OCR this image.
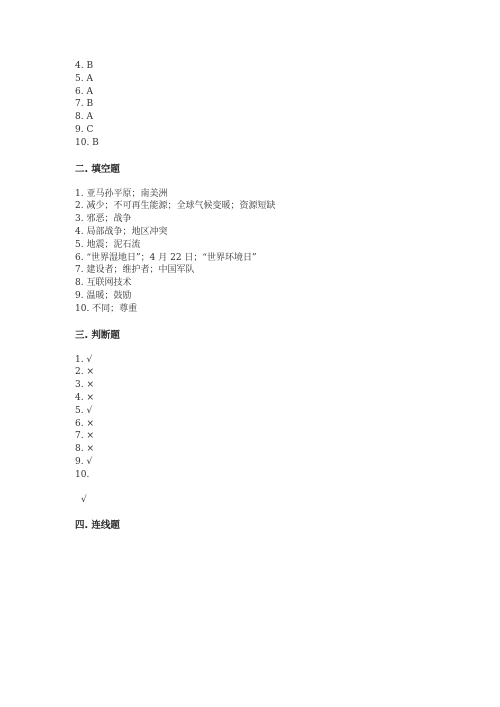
4. B
5. A
6. A
7. B
8. A
9. C
10. B
二. 填空题
1. 亚马孙平原；南美洲
2. 减少；不可再生能源；全球气候变暖；资源短缺
3. 邪恶；战争
4. 局部战争；地区冲突
5. 地震；泥石流
6. “世界湿地日”；4 月 22 日；“世界环境日”
7. 建设者；维护者；中国军队
8. 互联网技术
9. 温暖；鼓励
10. 不同；尊重
三. 判断题
1. √
2. ×
3. ×
4. ×
5. √
6. ×
7. ×
8. ×
9. √
10.
√
四. 连线题
